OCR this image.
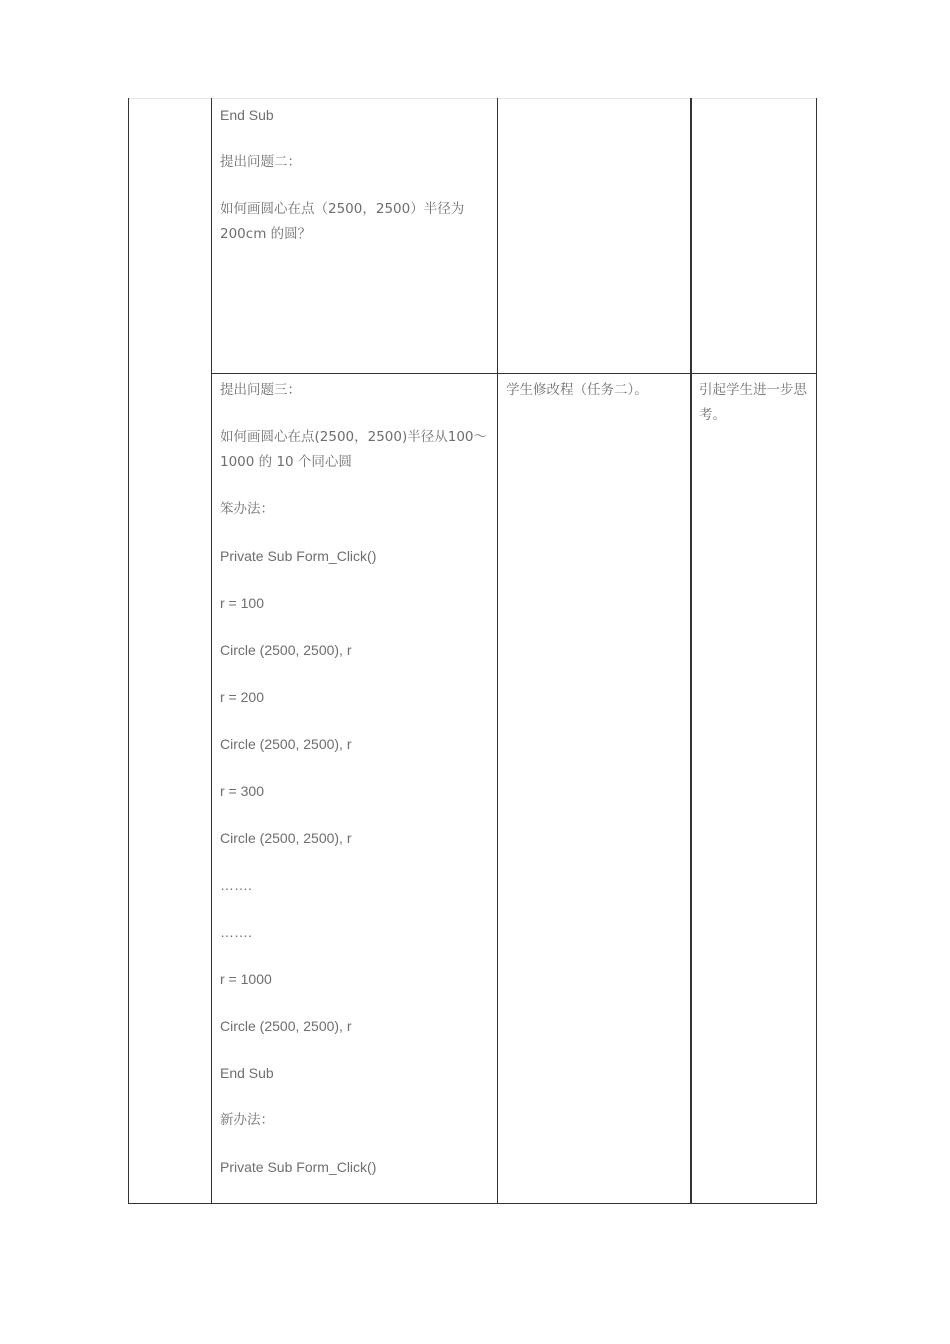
End Sub

提出问题二：

如何画圆心在点（2500，2500）半径为200cm 的圆？

提出问题三：

如何画圆心在点(2500，2500)半径从100～1000 的 10 个同心圆

笨办法：

Private Sub Form_Click()

r = 100

Circle (2500, 2500), r

r = 200

Circle (2500, 2500), r

r = 300

Circle (2500, 2500), r

…….

…….

r = 1000

Circle (2500, 2500), r

End Sub

新办法：

Private Sub Form_Click()

学生修改程（任务二）。	引起学生进一步思考。
